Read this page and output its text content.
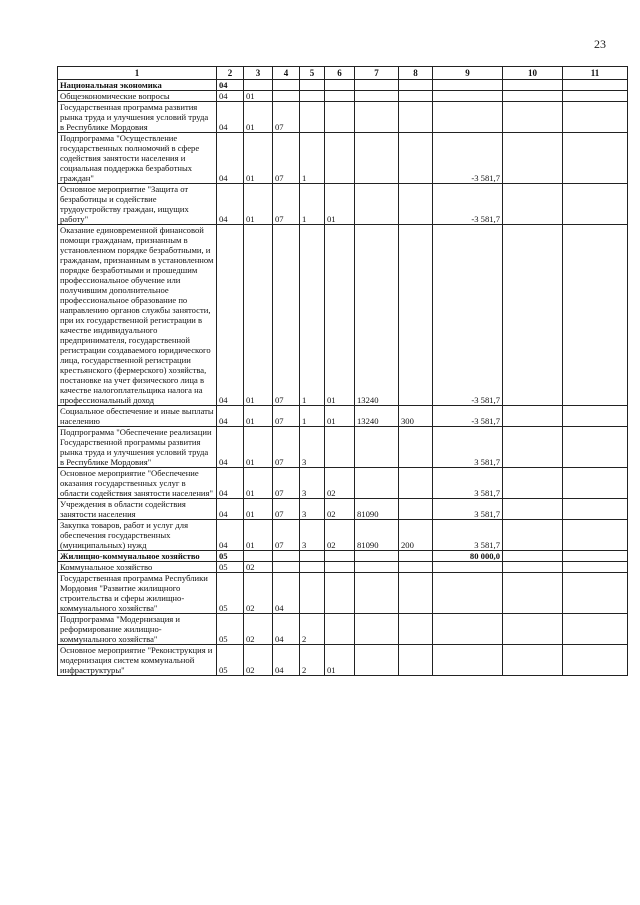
23
1	2	3	4	5	6	7	8	9	10	11
Национальная экономика	04									
Общеэкономические вопросы	04	01								
Государственная программа развития рынка труда и улучшения условий труда в Республике Мордовия	04	01	07							
Подпрограмма "Осуществление государственных полномочий в сфере содействия занятости населения и социальная поддержка безработных граждан"	04	01	07	1				-3 581,7		
Основное мероприятие "Защита от безработицы и содействие трудоустройству граждан, ищущих работу"	04	01	07	1	01			-3 581,7		
Оказание единовременной финансовой помощи гражданам, признанным в установленном порядке безработными, и гражданам, признанным в установленном порядке безработными и прошедшим профессиональное обучение или получившим дополнительное профессиональное образование по направлению органов службы занятости, при их государственной регистрации в качестве индивидуального предпринимателя, государственной регистрации создаваемого юридического лица, государственной регистрации крестьянского (фермерского) хозяйства, постановке на учет физического лица в качестве налогоплательщика налога на профессиональный доход	04	01	07	1	01	13240		-3 581,7		
Социальное обеспечение и иные выплаты населению	04	01	07	1	01	13240	300	-3 581,7		
Подпрограмма "Обеспечение реализации Государственной программы развития рынка труда и улучшения условий труда в Республике Мордовия"	04	01	07	3				3 581,7		
Основное мероприятие "Обеспечение оказания государственных услуг в области содействия занятости населения"	04	01	07	3	02			3 581,7		
Учреждения в области содействия занятости населения	04	01	07	3	02	81090		3 581,7		
Закупка товаров, работ и услуг для обеспечения государственных (муниципальных) нужд	04	01	07	3	02	81090	200	3 581,7		
Жилищно-коммунальное хозяйство	05							80 000,0		
Коммунальное хозяйство	05	02								
Государственная программа Республики Мордовия "Развитие жилищного строительства и сферы жилищно-коммунального хозяйства"	05	02	04							
Подпрограмма "Модернизация и реформирование жилищно-коммунального хозяйства"	05	02	04	2						
Основное мероприятие "Реконструкция и модернизация систем коммунальной инфраструктуры"	05	02	04	2	01					
